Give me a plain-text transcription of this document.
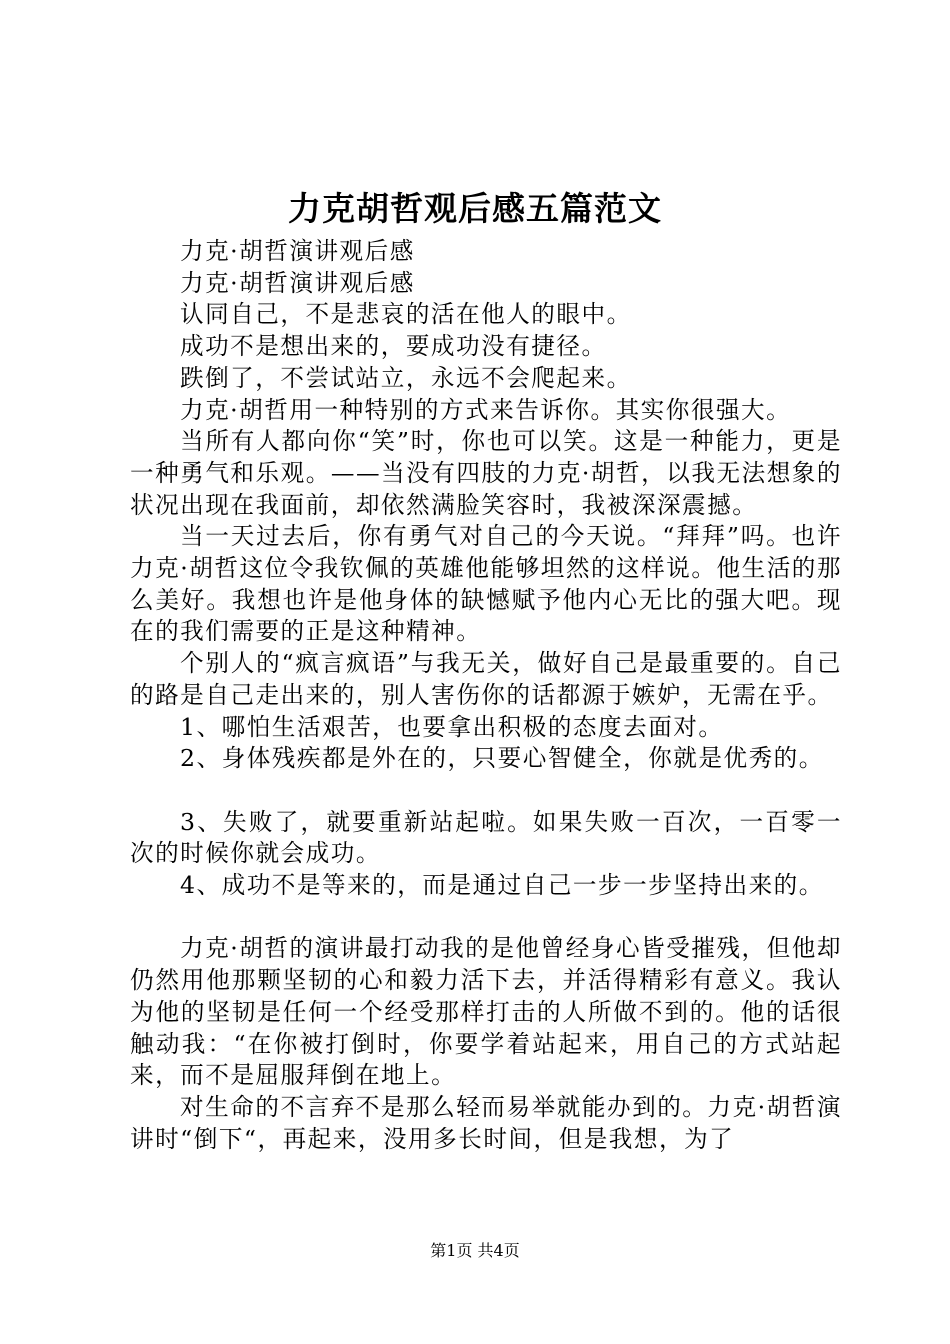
力克胡哲观后感五篇范文

力克·胡哲演讲观后感

力克·胡哲演讲观后感

认同自己，不是悲哀的活在他人的眼中。

成功不是想出来的，要成功没有捷径。

跌倒了，不尝试站立，永远不会爬起来。

力克·胡哲用一种特别的方式来告诉你。其实你很强大。

当所有人都向你“笑”时，你也可以笑。这是一种能力，更是一种勇气和乐观。——当没有四肢的力克·胡哲，以我无法想象的状况出现在我面前，却依然满脸笑容时，我被深深震撼。

当一天过去后，你有勇气对自己的今天说。“拜拜”吗。也许力克·胡哲这位令我钦佩的英雄他能够坦然的这样说。他生活的那么美好。我想也许是他身体的缺憾赋予他内心无比的强大吧。现在的我们需要的正是这种精神。

个别人的“疯言疯语”与我无关，做好自己是最重要的。自己的路是自己走出来的，别人害伤你的话都源于嫉妒，无需在乎。

1、哪怕生活艰苦，也要拿出积极的态度去面对。

2、身体残疾都是外在的，只要心智健全，你就是优秀的。

3、失败了，就要重新站起啦。如果失败一百次，一百零一次的时候你就会成功。

4、成功不是等来的，而是通过自己一步一步坚持出来的。

力克·胡哲的演讲最打动我的是他曾经身心皆受摧残，但他却仍然用他那颗坚韧的心和毅力活下去，并活得精彩有意义。我认为他的坚韧是任何一个经受那样打击的人所做不到的。他的话很触动我：“在你被打倒时，你要学着站起来，用自己的方式站起来，而不是屈服拜倒在地上。

对生命的不言弃不是那么轻而易举就能办到的。力克·胡哲演讲时“倒下“，再起来，没用多长时间，但是我想，为了

第1页 共4页
